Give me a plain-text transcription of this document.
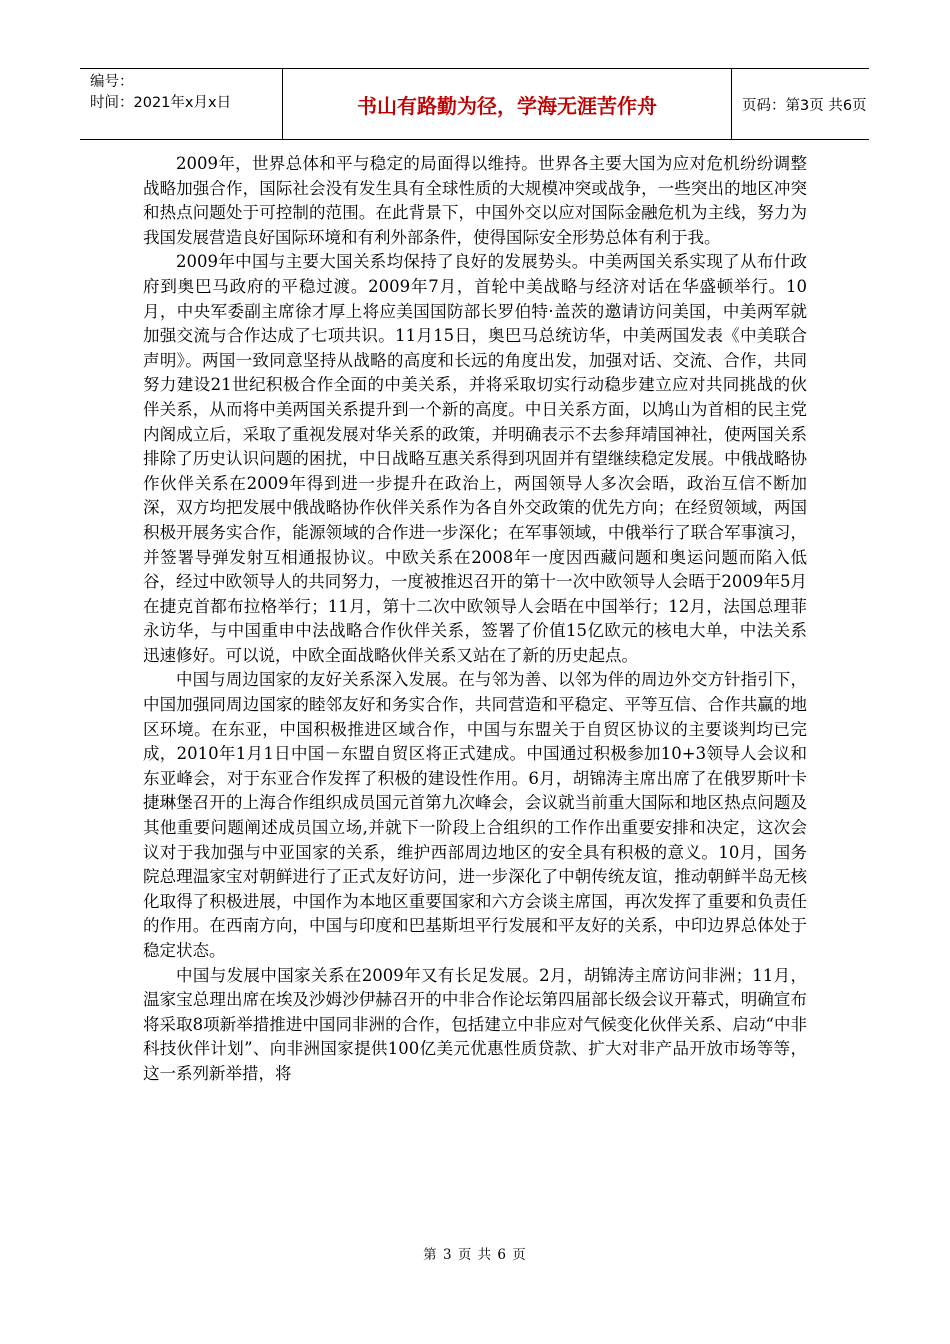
编号：
时间：2021年x月x日	书山有路勤为径，学海无涯苦作舟	页码：第3页 共6页

2009年，世界总体和平与稳定的局面得以维持。世界各主要大国为应对危机纷纷调整战略加强合作，国际社会没有发生具有全球性质的大规模冲突或战争，一些突出的地区冲突和热点问题处于可控制的范围。在此背景下，中国外交以应对国际金融危机为主线，努力为我国发展营造良好国际环境和有利外部条件，使得国际安全形势总体有利于我。

2009年中国与主要大国关系均保持了良好的发展势头。中美两国关系实现了从布什政府到奥巴马政府的平稳过渡。2009年7月，首轮中美战略与经济对话在华盛顿举行。10月，中央军委副主席徐才厚上将应美国国防部长罗伯特·盖茨的邀请访问美国，中美两军就加强交流与合作达成了七项共识。11月15日，奥巴马总统访华，中美两国发表《中美联合声明》。两国一致同意坚持从战略的高度和长远的角度出发，加强对话、交流、合作，共同努力建设21世纪积极合作全面的中美关系，并将采取切实行动稳步建立应对共同挑战的伙伴关系，从而将中美两国关系提升到一个新的高度。中日关系方面，以鸠山为首相的民主党内阁成立后，采取了重视发展对华关系的政策，并明确表示不去参拜靖国神社，使两国关系排除了历史认识问题的困扰，中日战略互惠关系得到巩固并有望继续稳定发展。中俄战略协作伙伴关系在2009年得到进一步提升在政治上，两国领导人多次会晤，政治互信不断加深，双方均把发展中俄战略协作伙伴关系作为各自外交政策的优先方向；在经贸领域，两国积极开展务实合作，能源领域的合作进一步深化；在军事领域，中俄举行了联合军事演习，并签署导弹发射互相通报协议。中欧关系在2008年一度因西藏问题和奥运问题而陷入低谷，经过中欧领导人的共同努力，一度被推迟召开的第十一次中欧领导人会晤于2009年5月在捷克首都布拉格举行；11月，第十二次中欧领导人会晤在中国举行；12月，法国总理菲永访华，与中国重申中法战略合作伙伴关系，签署了价值15亿欧元的核电大单，中法关系迅速修好。可以说，中欧全面战略伙伴关系又站在了新的历史起点。

中国与周边国家的友好关系深入发展。在与邻为善、以邻为伴的周边外交方针指引下，中国加强同周边国家的睦邻友好和务实合作，共同营造和平稳定、平等互信、合作共赢的地区环境。在东亚，中国积极推进区域合作，中国与东盟关于自贸区协议的主要谈判均已完成，2010年1月1日中国－东盟自贸区将正式建成。中国通过积极参加10+3领导人会议和东亚峰会，对于东亚合作发挥了积极的建设性作用。6月，胡锦涛主席出席了在俄罗斯叶卡捷琳堡召开的上海合作组织成员国元首第九次峰会，会议就当前重大国际和地区热点问题及其他重要问题阐述成员国立场,并就下一阶段上合组织的工作作出重要安排和决定，这次会议对于我加强与中亚国家的关系，维护西部周边地区的安全具有积极的意义。10月，国务院总理温家宝对朝鲜进行了正式友好访问，进一步深化了中朝传统友谊，推动朝鲜半岛无核化取得了积极进展，中国作为本地区重要国家和六方会谈主席国，再次发挥了重要和负责任的作用。在西南方向，中国与印度和巴基斯坦平行发展和平友好的关系，中印边界总体处于稳定状态。

中国与发展中国家关系在2009年又有长足发展。2月，胡锦涛主席访问非洲；11月，温家宝总理出席在埃及沙姆沙伊赫召开的中非合作论坛第四届部长级会议开幕式，明确宣布将采取8项新举措推进中国同非洲的合作，包括建立中非应对气候变化伙伴关系、启动“中非科技伙伴计划”、向非洲国家提供100亿美元优惠性质贷款、扩大对非产品开放市场等等，这一系列新举措，将

第 3 页 共 6 页
